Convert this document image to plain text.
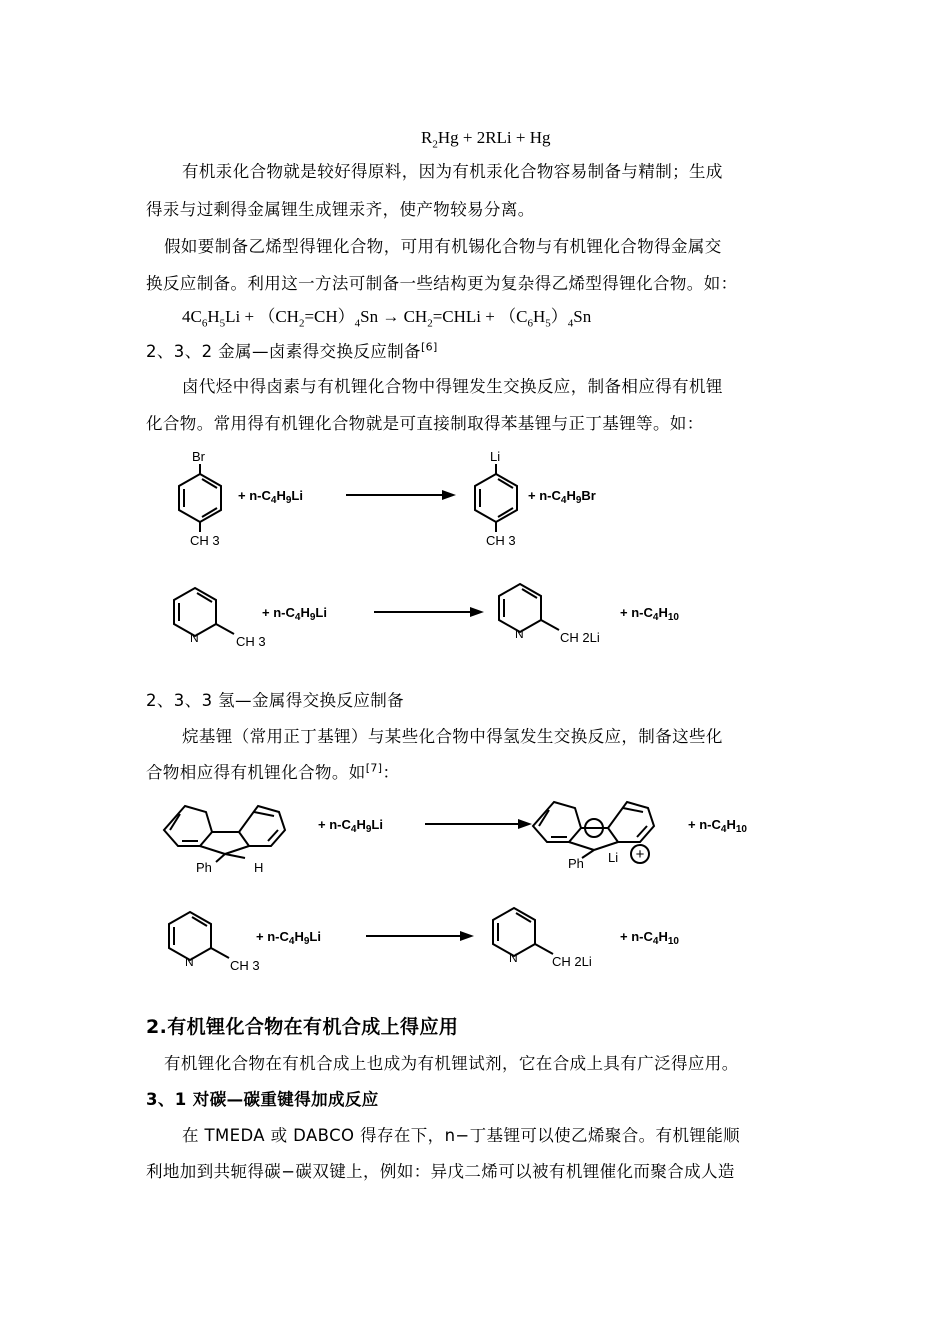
$R_2Hg + 2RLi + Hg$
有机汞化合物就是较好得原料，因为有机汞化合物容易制备与精制；生成
得汞与过剩得金属锂生成锂汞齐，使产物较易分离。
假如要制备乙烯型得锂化合物，可用有机锡化合物与有机锂化合物得金属交
换反应制备。利用这一方法可制备一些结构更为复杂得乙烯型得锂化合物。如：
$4C_6H_5Li + (CH_2=CH)_4Sn$ → $CH_2=CHLi + (C_6H_5)_4Sn$
2、3、2 金属—卤素得交换反应制备[6]
卤代烃中得卤素与有机锂化合物中得锂发生交换反应，制备相应得有机锂
化合物。常用得有机锂化合物就是可直接制取得苯基锂与正丁基锂等。如：
Br
CH 3
+ $n-C_4H_9Li$
Li
CH 3
+ $n-C_4H_9Br$
N	CH 3
+ $n-C_4H_9Li$
N	CH 2Li
+ $n-C_4H_{10}$
2、3、3 氢—金属得交换反应制备
烷基锂（常用正丁基锂）与某些化合物中得氢发生交换反应，制备这些化
合物相应得有机锂化合物。如[7]：
Ph	H
+ $n-C_4H_9Li$	−
+
Ph Li
+ $n-C_4H_{10}$
N	CH 3
+ $n-C_4H_9Li$
N	CH 2Li
+ $n-C_4H_{10}$
2.有机锂化合物在有机合成上得应用
有机锂化合物在有机合成上也成为有机锂试剂，它在合成上具有广泛得应用。
3、1 对碳—碳重键得加成反应
在 TMEDA 或 DABCO 得存在下，n−丁基锂可以使乙烯聚合。有机锂能顺
利地加到共轭得碳−碳双键上，例如：异戊二烯可以被有机锂催化而聚合成人造
